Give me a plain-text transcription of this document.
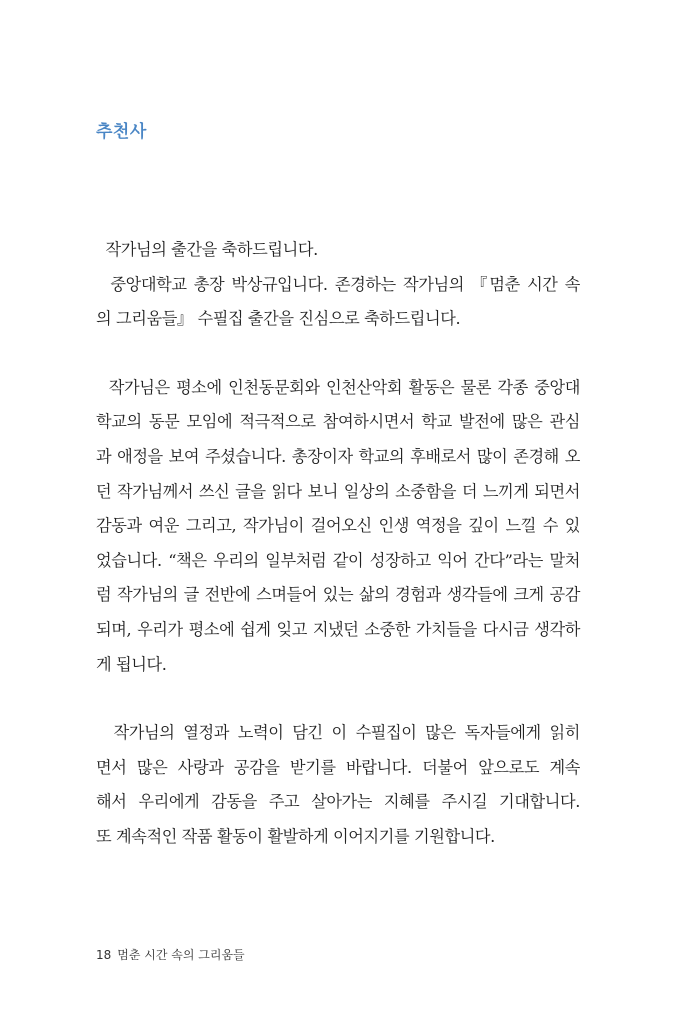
추천사
작가님의 출간을 축하드립니다.
중앙대학교 총장 박상규입니다. 존경하는 작가님의 『멈춘 시간 속
의 그리움들』 수필집 출간을 진심으로 축하드립니다.
작가님은 평소에 인천동문회와 인천산악회 활동은 물론 각종 중앙대
학교의 동문 모임에 적극적으로 참여하시면서 학교 발전에 많은 관심
과 애정을 보여 주셨습니다. 총장이자 학교의 후배로서 많이 존경해 오
던 작가님께서 쓰신 글을 읽다 보니 일상의 소중함을 더 느끼게 되면서
감동과 여운 그리고, 작가님이 걸어오신 인생 역정을 깊이 느낄 수 있
었습니다. “책은 우리의 일부처럼 같이 성장하고 익어 간다”라는 말처
럼 작가님의 글 전반에 스며들어 있는 삶의 경험과 생각들에 크게 공감
되며, 우리가 평소에 쉽게 잊고 지냈던 소중한 가치들을 다시금 생각하
게 됩니다.
작가님의 열정과 노력이 담긴 이 수필집이 많은 독자들에게 읽히
면서 많은 사랑과 공감을 받기를 바랍니다. 더불어 앞으로도 계속
해서 우리에게 감동을 주고 살아가는 지혜를 주시길 기대합니다.
또 계속적인 작품 활동이 활발하게 이어지기를 기원합니다.
18 멈춘 시간 속의 그리움들
